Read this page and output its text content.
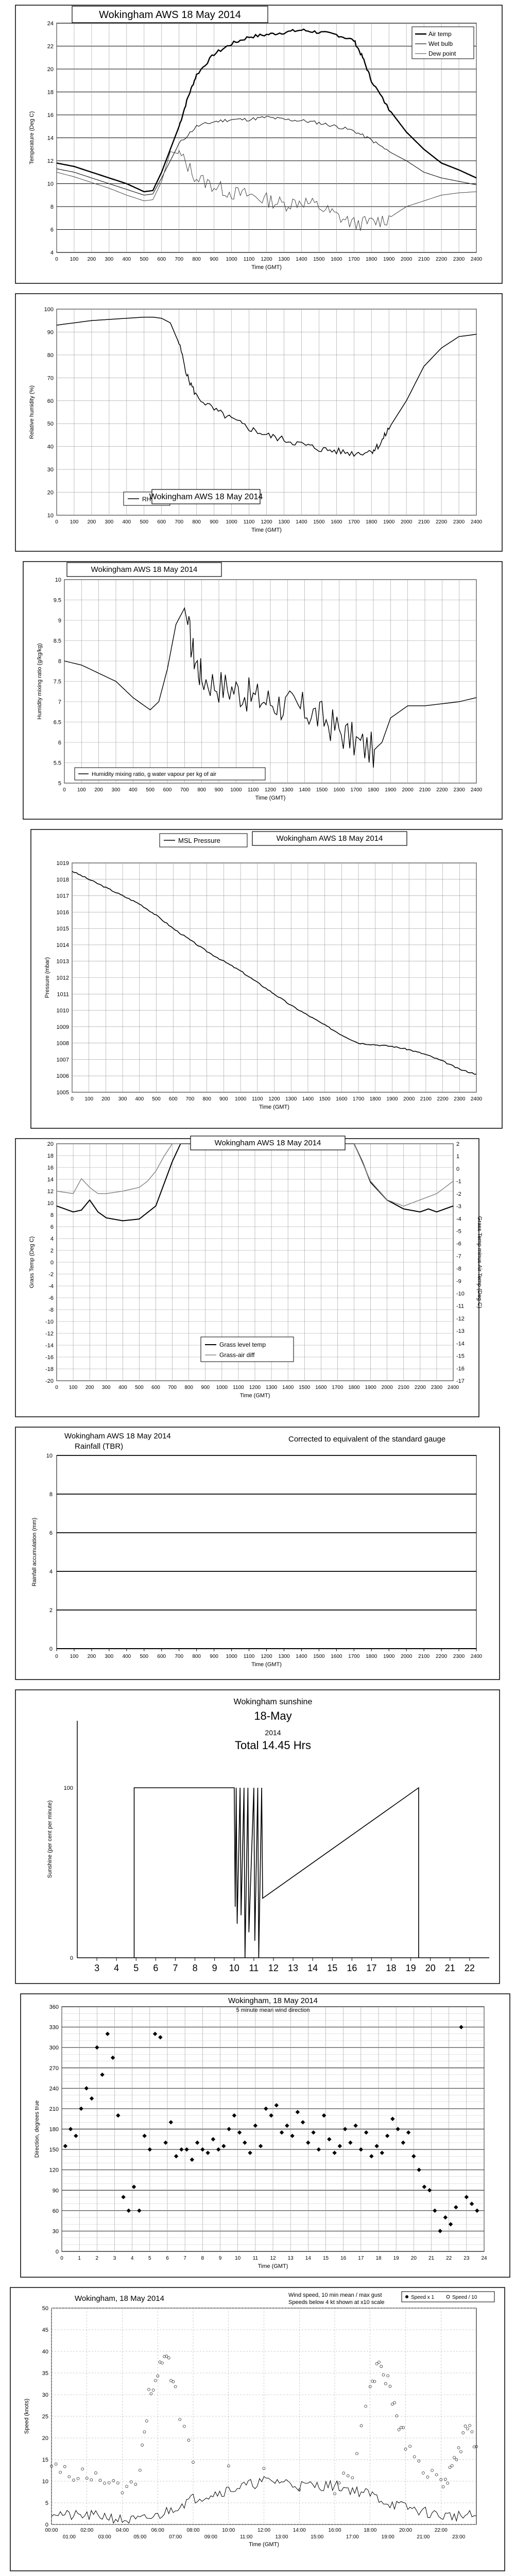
4
6
8
10
12
14
16
18
20
22
24
0 100 200 300 400 500 600 700 800 900 1000 1100 1200 1300 1400 1500 1600 1700 1800 1900 2000 2100 2200 2300 2400
Time (GMT)
Temperature (Deg C)
Wokingham AWS 18 May 2014
Air temp
Wet bulb
Dew point
10
20
30
40
50
60
70
80
90
100
0 100 200 300 400 500 600 700 800 900 1000 1100 1200 1300 1400 1500 1600 1700 1800 1900 2000 2100 2200 2300 2400
Time (GMT)
Relative humidity (%)
RH
Wokingham AWS 18 May 2014
5
5.5
6
6.5
7
7.5
8
8.5
9
9.5
10
0 100 200 300 400 500 600 700 800 900 1000 1100 1200 1300 1400 1500 1600 1700 1800 1900 2000 2100 2200 2300 2400
Time (GMT)
Humidity mixing ratio (g/kg/kg)
Wokingham AWS 18 May 2014
Humidity mixing ratio, g water vapour per kg of air
1005
1006
1007
1008
1009
1010
1011
1012
1013
1014
1015
1016
1017
1018
1019
0 100 200 300 400 500 600 700 800 900 1000 1100 1200 1300 1400 1500 1600 1700 1800 1900 2000 2100 2200 2300 2400
Time (GMT)
Pressure (mbar)
MSL Pressure	Wokingham AWS 18 May 2014
-20
-18
-16
-14
-12
-10
-8
-6
-4
-2
0
2
4
6
8
10
12
14
16
18
20
0 100 200 300 400 500 600 700 800 900 1000 1100 1200 1300 1400 1500 1600 1700 1800 1900 2000 2100 2200 2300 2400
Time (GMT)
Grass Temp (Deg C)
-17
-16
-15
-14
-13
-12
-11
-10
-9
-8
-7
-6
-5
-4
-3
-2
-1
0
1
2
Grass Temp minus Air Temp (Deg C)
Wokingham AWS 18 May 2014
Grass level temp
Grass-air diff
0
2
4
6
8
10
0 100 200 300 400 500 600 700 800 900 1000 1100 1200 1300 1400 1500 1600 1700 1800 1900 2000 2100 2200 2300 2400
Time (GMT)
Rainfall accumulation (mm)
Wokingham AWS 18 May 2014
Rainfall (TBR)
Corrected to equivalent of the standard gauge
0
100
3 4 5 6 7 8 9 10 11 12 13 14 15 16 17 18 19 20 21 22
Sunshine (per cent per minute)
Wokingham sunshine
18-May
2014
Total 14.45 Hrs
0
30
60
90
120
150
180
210
240
270
300
330
360
0	1	2	3	4	5	6	7	8	9	10 11 12 13 14 15 16 17 18 19 20 21 22 23 24
Time (GMT)
Direction, degrees true
Wokingham, 18 May 2014
5 minute mean wind direction
0
5
10
15
20
25
30
35
40
45
50
00:00	02:00	04:00	06:00	08:00	10:00	12:00	14:00	16:00	18:00	20:00	22:00
01:00	03:00	05:00	07:00	09:00	11:00	13:00	15:00	17:00	19:00	21:00	23:00
Time (GMT)
Speed (knots)
Wokingham, 18 May 2014	Wind speed, 10 min mean / max gust
Speeds below 4 kt shown at x10 scale
Speed x 1	Speed / 10
